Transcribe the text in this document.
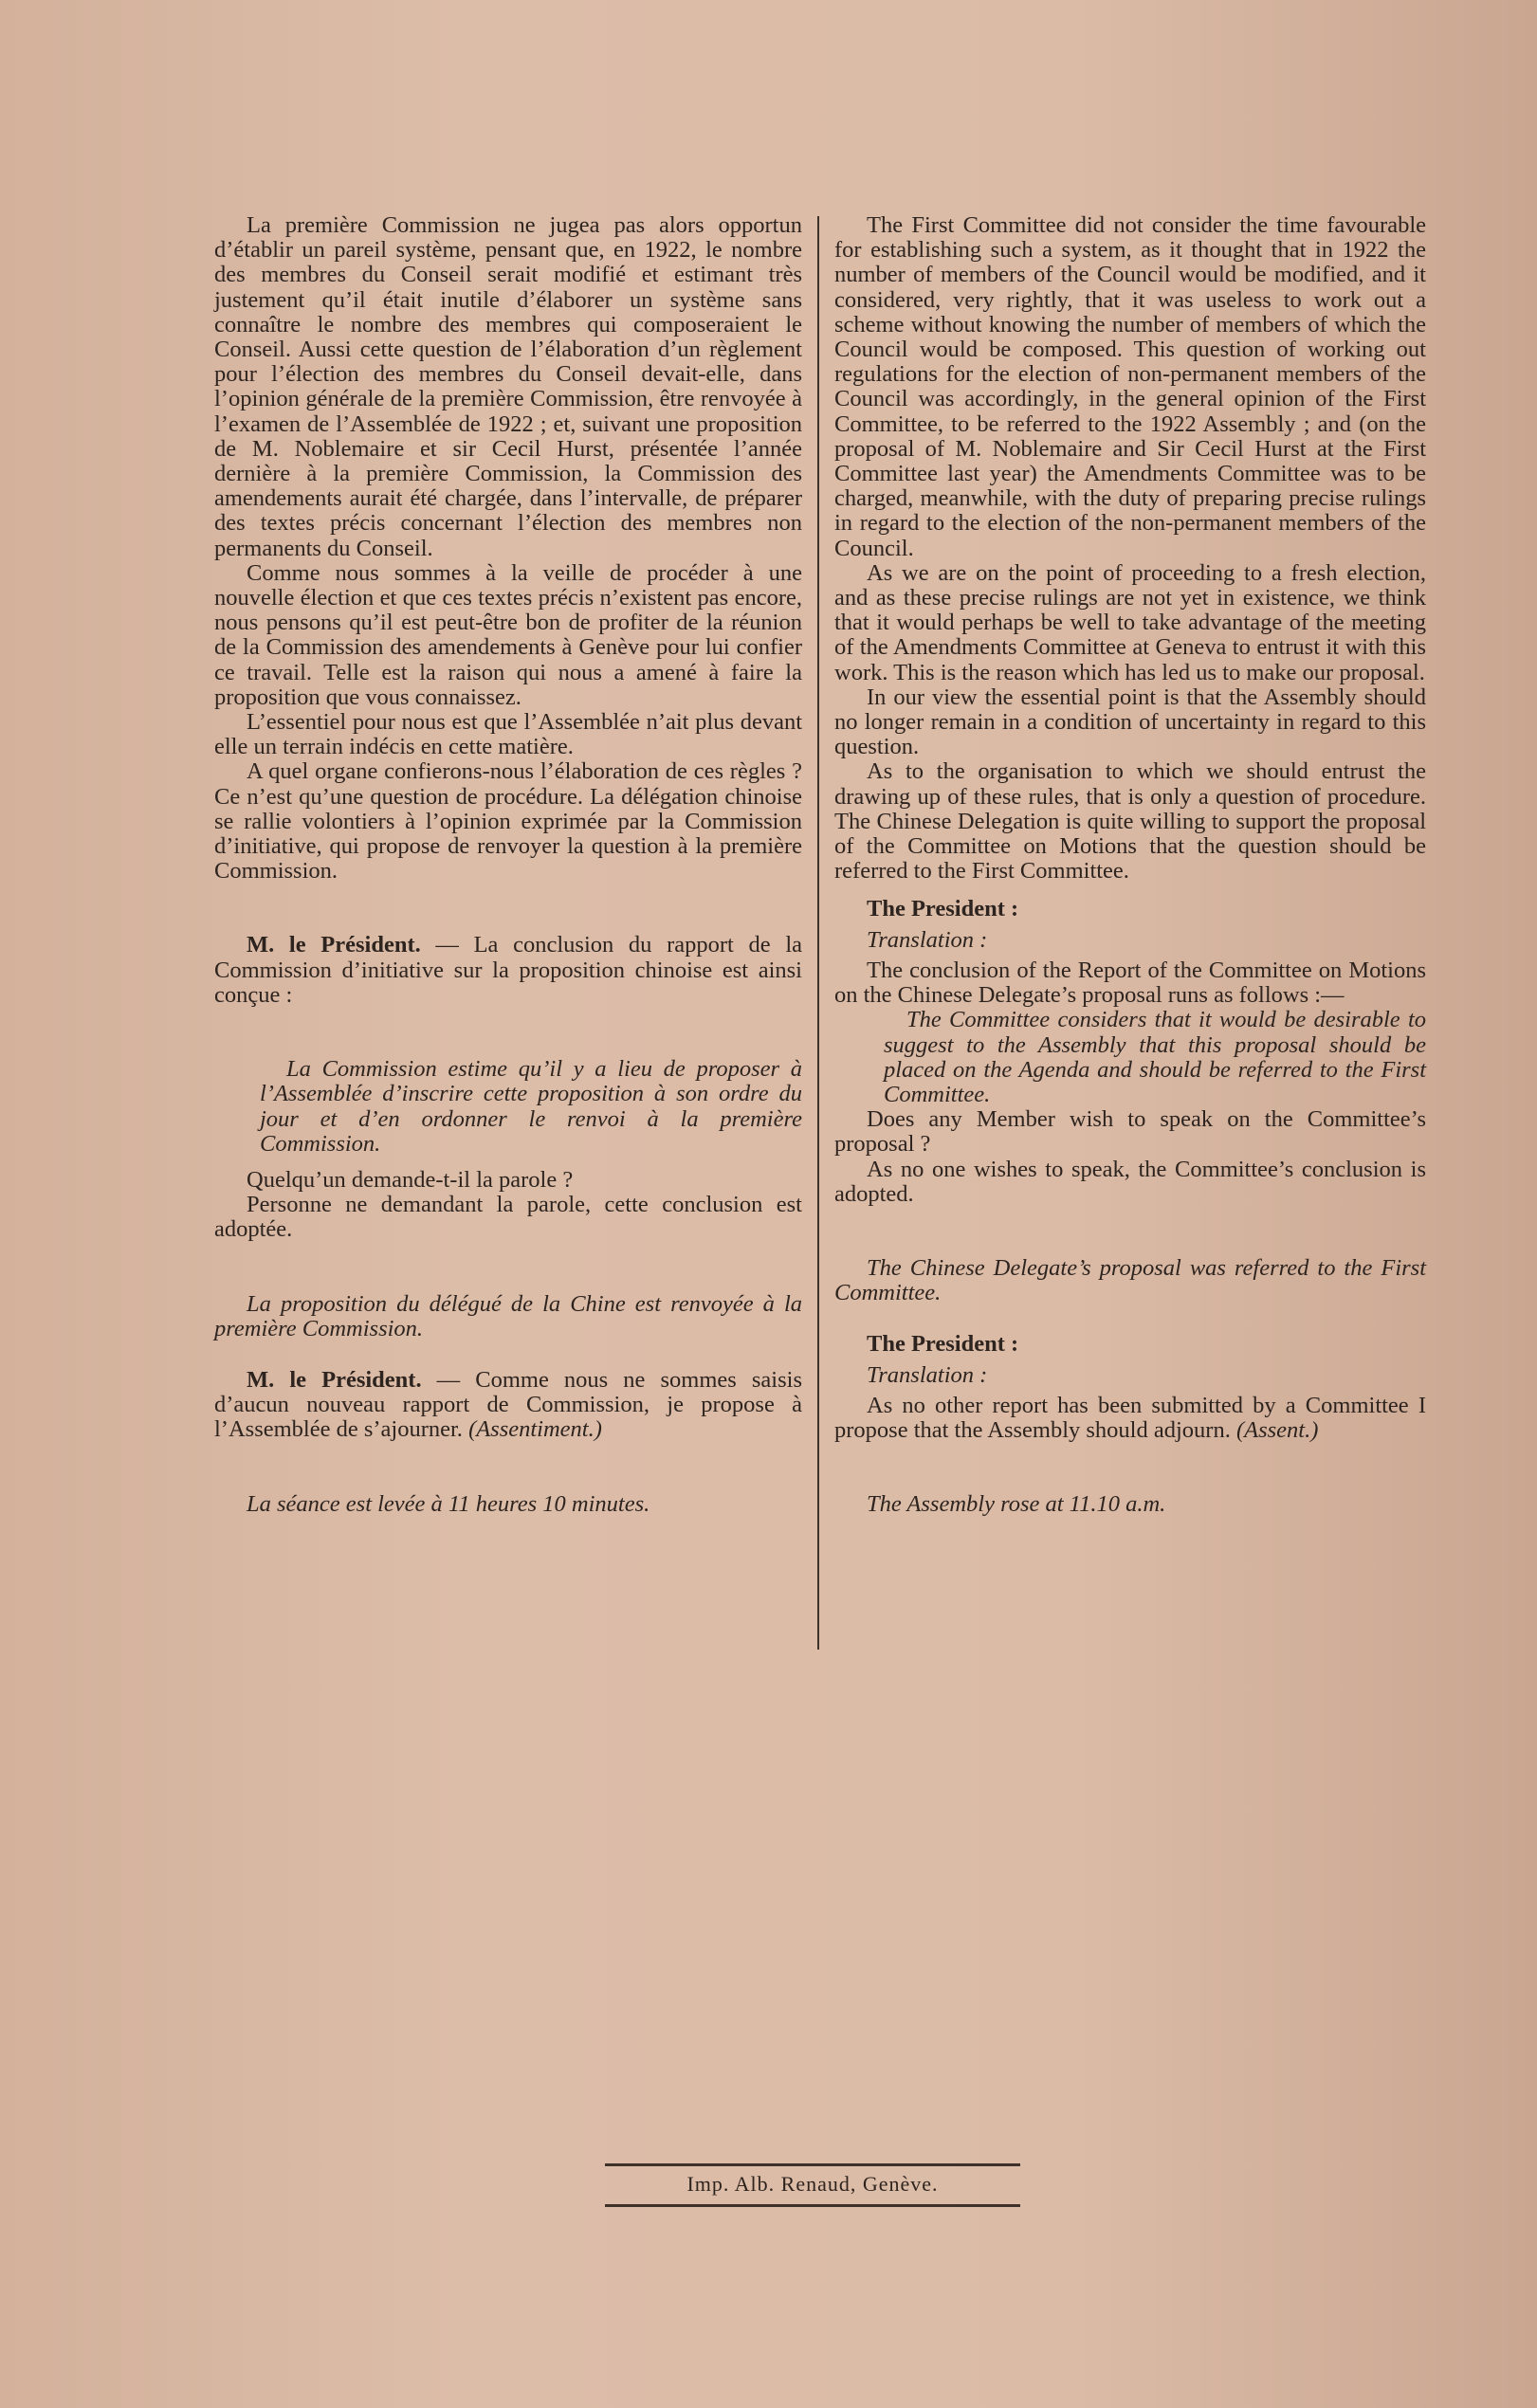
La première Commission ne jugea pas alors opportun d’établir un pareil système, pensant que, en 1922, le nombre des membres du Conseil serait modifié et estimant très justement qu’il était inutile d’élaborer un système sans connaître le nombre des membres qui composeraient le Conseil. Aussi cette question de l’élaboration d’un règlement pour l’élection des membres du Conseil devait-elle, dans l’opinion générale de la première Commission, être renvoyée à l’examen de l’Assemblée de 1922 ; et, suivant une proposition de M. Noblemaire et sir Cecil Hurst, présentée l’année dernière à la première Commission, la Commission des amendements aurait été chargée, dans l’intervalle, de préparer des textes précis concernant l’élection des membres non permanents du Conseil.

Comme nous sommes à la veille de procéder à une nouvelle élection et que ces textes précis n’existent pas encore, nous pensons qu’il est peut-être bon de profiter de la réunion de la Commission des amendements à Genève pour lui confier ce travail. Telle est la raison qui nous a amené à faire la proposition que vous connaissez.

L’essentiel pour nous est que l’Assemblée n’ait plus devant elle un terrain indécis en cette matière.

A quel organe confierons-nous l’élaboration de ces règles ? Ce n’est qu’une question de procédure. La délégation chinoise se rallie volontiers à l’opinion exprimée par la Commission d’initiative, qui propose de renvoyer la question à la première Commission.

M. le Président. — La conclusion du rapport de la Commission d’initiative sur la proposition chinoise est ainsi conçue :

La Commission estime qu’il y a lieu de proposer à l’Assemblée d’inscrire cette proposition à son ordre du jour et d’en ordonner le renvoi à la première Commission.

Quelqu’un demande-t-il la parole ?

Personne ne demandant la parole, cette conclusion est adoptée.

La proposition du délégué de la Chine est renvoyée à la première Commission.

M. le Président. — Comme nous ne sommes saisis d’aucun nouveau rapport de Commission, je propose à l’Assemblée de s’ajourner. (Assentiment.)

La séance est levée à 11 heures 10 minutes.

The First Committee did not consider the time favourable for establishing such a system, as it thought that in 1922 the number of members of the Council would be modified, and it considered, very rightly, that it was useless to work out a scheme without knowing the number of members of which the Council would be composed. This question of working out regulations for the election of non-permanent members of the Council was accordingly, in the general opinion of the First Committee, to be referred to the 1922 Assembly ; and (on the proposal of M. Noblemaire and Sir Cecil Hurst at the First Committee last year) the Amendments Committee was to be charged, meanwhile, with the duty of preparing precise rulings in regard to the election of the non-permanent members of the Council.

As we are on the point of proceeding to a fresh election, and as these precise rulings are not yet in existence, we think that it would perhaps be well to take advantage of the meeting of the Amendments Committee at Geneva to entrust it with this work. This is the reason which has led us to make our proposal.

In our view the essential point is that the Assembly should no longer remain in a condition of uncertainty in regard to this question.

As to the organisation to which we should entrust the drawing up of these rules, that is only a question of procedure. The Chinese Delegation is quite willing to support the proposal of the Committee on Motions that the question should be referred to the First Committee.

The President :

Translation :

The conclusion of the Report of the Committee on Motions on the Chinese Delegate’s proposal runs as follows :—

The Committee considers that it would be desirable to suggest to the Assembly that this proposal should be placed on the Agenda and should be referred to the First Committee.

Does any Member wish to speak on the Committee’s proposal ?

As no one wishes to speak, the Committee’s conclusion is adopted.

The Chinese Delegate’s proposal was referred to the First Committee.

The President :

Translation :

As no other report has been submitted by a Committee I propose that the Assembly should adjourn. (Assent.)

The Assembly rose at 11.10 a.m.

Imp. Alb. Renaud, Genève.
